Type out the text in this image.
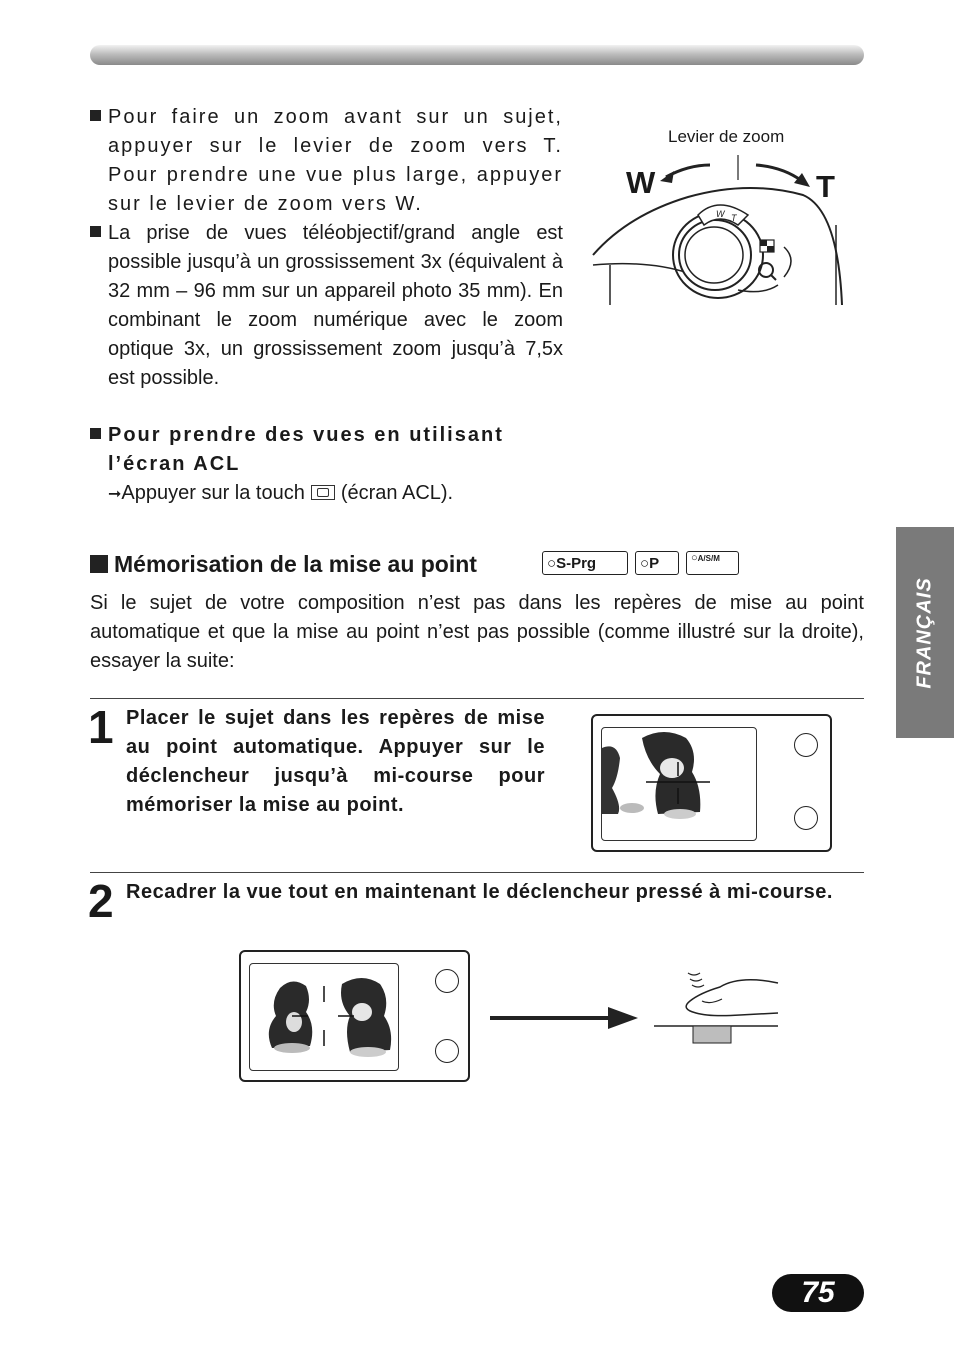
Pour faire un zoom avant sur un sujet, appuyer sur le levier de zoom vers T. Pour prendre une vue plus large, appuyer sur le levier de zoom vers W.
La prise de vues téléobjectif/grand angle est possible jusqu’à un grossissement 3x (équivalent à 32 mm – 96 mm sur un appareil photo 35 mm). En combinant le zoom numérique avec le zoom optique 3x, un grossissement zoom jusqu’à 7,5x est possible.
Pour prendre des vues en utilisant l’écran ACL
➞Appuyer sur la touch (écran ACL).
Levier de zoom
W	T
W T
Mémorisation de la mise au point	○S-Prg	○P	○A/S/M
Si le sujet de votre composition n’est pas dans les repères de mise au point automatique et que la mise au point n’est pas possible (comme illustré sur la droite), essayer la suite:
1 Placer le sujet dans les repères de mise au point automatique. Appuyer sur le déclencheur jusqu’à mi-course pour mémoriser la mise au point.
2 Recadrer la vue tout en maintenant le déclencheur pressé à mi-course.
FRANÇAIS
75
